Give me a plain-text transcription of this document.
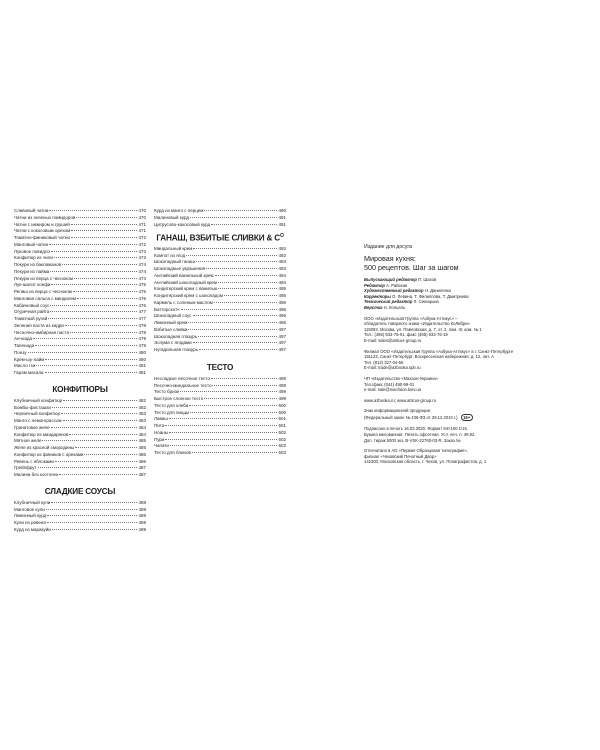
Сливовый чатни	470
Чатни из зеленых помидоров	470
Чатни с инжиром и грушей	471
Чатни с кокосовым орехом	471
Томатно-финиковый чатни	472
Манговый чатни	472
Луковое повидло	473
Конфитюр из чили	473
Пекури из баклажанов	474
Пекури из лайма	474
Пекури из перца с чесноком	474
Лук-шалот конфи	475
Релиш из перца с чесноком	475
Манговая сальса с миндалем	476
Кабачковый соус	476
Огуречная райта	477
Томатный ругай	477
Зеленая паста из кидри	478
Чесночно-имбирная паста	478
Анчоада	479
Тапенада	479
Понзу	480
Крем-шу-лайм	480
Масло гхи	481
Гарам масала	481
КОНФИТЮРЫ
Клубничный конфитюр	482
Бомбы-фисташки	482
Черничный конфитюр	483
Манго с лемонграссом	483
Гранатовое желе	484
Конфитюр из мандаринов	484
Мятное желе	485
Желе из красной смородины	485
Конфитюр из фиников с орехами	486
Ревень с яблоками	486
Грейпфрут	487
Малина без косточек	487
СЛАДКИЕ СОУСЫ
Клубничный кули	488
Манговое кули	488
Лимонный курд	489
Кули из ревеня	489
Курд из маракуйи	489
Курд из манго с перцем	490
Малиновый курд	491
Цитрусово-кокосовый курд	491
ГАНАШ, ВЗБИТЫЕ СЛИВКИ & $С^О$
Миндальный крем	492
Компот из ягод	492
Шоколадный ганаш	493
Шоколадные украшения	493
Английский ванильный крем	494
Английский шоколадный крем	494
Кондитерский крем с ванилью	495
Кондитерский крем с шоколадом	495
Кармель с соленым маслом	496
Баттерскотч	496
Шоколадный соус	496
Лимонный крем	496
Взбитые сливки	497
Шоколадная глазурь	497
Эспума с ягодами	497
Нугадильная глазурь	497
ТЕСТО
Несладкое песочное тесто	498
Песочно-миндальное тесто	498
Тесто бризе	499
Быстрое слоеное тесто	499
Тесто для хлеба	500
Тесто для пиццы	500
Лаваш	501
Пита	501
Ноаны	502
Пури	502
Чапати	502
Тесто для блинов	503
Издание для досуга
Мировая кухня:
500 рецептов. Шаг за шагом
Выпускающий редактор П. Шахов
Редактор А. Райская
Художественный редактор Н. Даниленко
Корректоры О. Левина, Т. Филиппова, Т. Дмитриева
Технический редактор Л. Синицына
Верстка Н. Кольяль
ООО «Издательская Группа «Азбука-Аттикус» –
обладатель товарного знака «Издательство КоЛибри»
115093, Москва, ул. Павловская, д. 7, эт. 2, пом. III, ком. № 1
Тел.: (495) 933-76-01, факс (495) 933-76-19
E-mail: sales@atticus-group.ru
Филиал ООО «Издательская Группа «Азбука-Аттикус» в г. Санкт-Петербурге
191123, Санкт-Петербург, Воскресенская набережная, д. 12, лит. А
Тел. (812) 327-04-55
E-mail: trade@azbooka.spb.ru
ЧП «Издательство «Махаон-Украина»
Тел./факс (044) 490-99-01
e-mail: sale@machaon.kiev.ua
www.azbooka.ru; www.atticus-group.ru
Знак информационной продукции
(Федеральный закон № 436-ФЗ от 29.12.2010 г.) 16+
Подписано в печать 16.03.2020. Формат 84×100 1/16.
Бумага мелованная. Печать офсетная. Усл. печ. л. 49,92.
Доп. тираж 5000 экз. В-VSK-22760-03-R. Заказ №
Отпечатано в АО «Первая Образцовая типография»,
филиал «Чеховский Печатный Двор»
142300, Московская область, г. Чехов, ул. Полиграфистов, д. 1
